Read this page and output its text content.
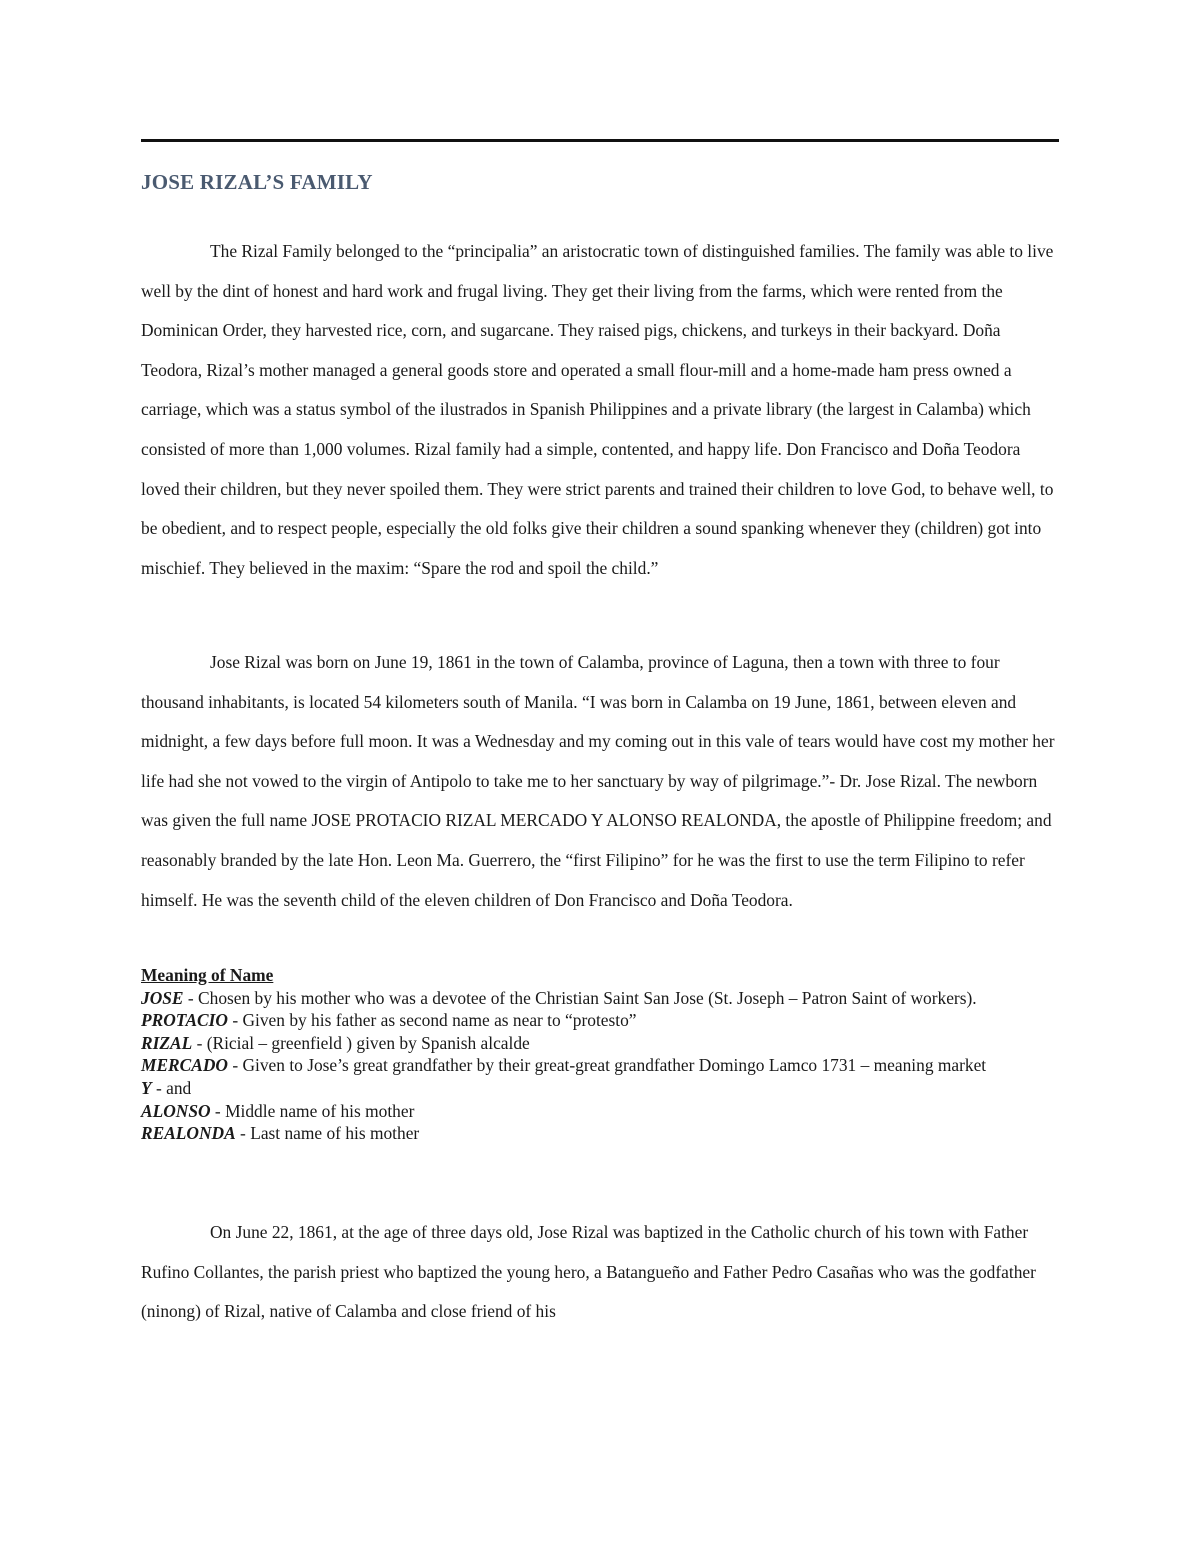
JOSE RIZAL’S FAMILY

The Rizal Family belonged to the “principalia” an aristocratic town of distinguished families. The family was able to live well by the dint of honest and hard work and frugal living. They get their living from the farms, which were rented from the Dominican Order, they harvested rice, corn, and sugarcane. They raised pigs, chickens, and turkeys in their backyard. Doña Teodora, Rizal’s mother managed a general goods store and operated a small flour-mill and a home-made ham press owned a carriage, which was a status symbol of the ilustrados in Spanish Philippines and a private library (the largest in Calamba) which consisted of more than 1,000 volumes. Rizal family had a simple, contented, and happy life. Don Francisco and Doña Teodora loved their children, but they never spoiled them. They were strict parents and trained their children to love God, to behave well, to be obedient, and to respect people, especially the old folks give their children a sound spanking whenever they (children) got into mischief. They believed in the maxim: “Spare the rod and spoil the child.”

Jose Rizal was born on June 19, 1861 in the town of Calamba, province of Laguna, then a town with three to four thousand inhabitants, is located 54 kilometers south of Manila. “I was born in Calamba on 19 June, 1861, between eleven and midnight, a few days before full moon. It was a Wednesday and my coming out in this vale of tears would have cost my mother her life had she not vowed to the virgin of Antipolo to take me to her sanctuary by way of pilgrimage.”- Dr. Jose Rizal. The newborn was given the full name JOSE PROTACIO RIZAL MERCADO Y ALONSO REALONDA, the apostle of Philippine freedom; and reasonably branded by the late Hon. Leon Ma. Guerrero, the “first Filipino” for he was the first to use the term Filipino to refer himself. He was the seventh child of the eleven children of Don Francisco and Doña Teodora.

Meaning of Name
JOSE - Chosen by his mother who was a devotee of the Christian Saint San Jose (St. Joseph – Patron Saint of workers).
PROTACIO - Given by his father as second name as near to “protesto”
RIZAL - (Ricial – greenfield ) given by Spanish alcalde
MERCADO - Given to Jose’s great grandfather by their great-great grandfather Domingo Lamco 1731 – meaning market
Y - and
ALONSO - Middle name of his mother
REALONDA - Last name of his mother

On June 22, 1861, at the age of three days old, Jose Rizal was baptized in the Catholic church of his town with Father Rufino Collantes, the parish priest who baptized the young hero, a Batangueño and Father Pedro Casañas who was the godfather (ninong) of Rizal, native of Calamba and close friend of his
